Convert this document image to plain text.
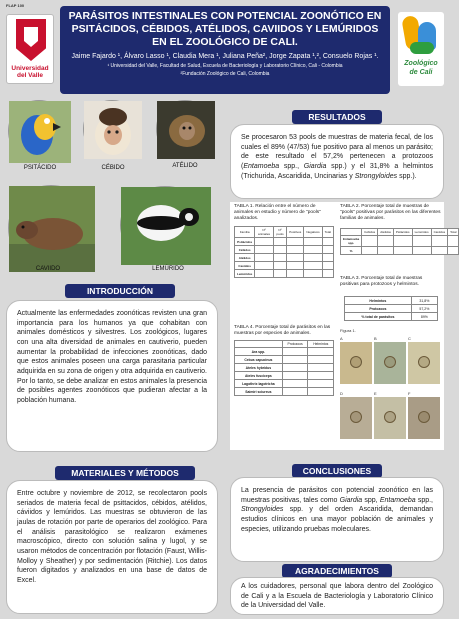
FLAP 100
Universidad del Valle
PARÁSITOS INTESTINALES CON POTENCIAL ZOONÓTICO EN PSITÁCIDOS, CÉBIDOS, ATÉLIDOS, CAVIIDOS Y LEMÚRIDOS EN EL ZOOLÓGICO DE CALI.
Jaime Fajardo ¹, Álvaro Lasso ¹, Claudia Mera ¹, Juliana Peña², Jorge Zapata ¹,², Consuelo Rojas ¹.
¹ Universidad del Valle, Facultad de Salud, Escuela de Bacteriología y Laboratorio Clínico, Cali - Colombia
²Fundación Zoológico de Cali, Colombia
Zoológico
de Cali
PSITÁCIDO	CÉBIDO	ATÉLIDO
CAVIIDO	LEMÚRIDO
INTRODUCCIÓN

Actualmente las enfermedades zoonóticas revisten una gran importancia para los humanos ya que cohabitan con animales domésticos y silvestres. Los zoológicos, lugares con una alta diversidad de animales en cautiverio, pueden aumentar la probabilidad de infecciones zoonóticas, dado que estos animales poseen una carga parasitaria particular adquirida en su zona de origen y otra adquirida en cautiverio. Por lo tanto, se debe analizar en estos animales la presencia de posibles agentes zoonóticos que pudieran afectar a la población humana.

MATERIALES Y MÉTODOS

Entre octubre y noviembre de 2012, se recolectaron pools seriados de materia fecal de psittacidos, cébidos, atélidos, cáviidos y lemúridos. Las muestras se obtuvieron de las jaulas de rotación por parte de operarios del zoológico. Para el análisis parasitológico se realizaron exámenes macroscópico, directo con solución salina y lugol, y se usaron métodos de concentración por flotación (Faust, Willis-Molloy y Sheather) y por sedimentación (Ritchie). Los datos fueron digitados y analizados en una base de datos de Excel.

RESULTADOS

Se procesaron 53 pools de muestras de materia fecal, de los cuales el 89% (47/53) fue positivo para al menos un parásito; de este resultado el 57,2% pertenecen a protozoos (Entamoeba spp., Giardia spp.) y el 31,8% a helmintos (Trichurida, Ascaridida, Uncinarias y Strongyloides spp.).

TABLA 1. Relación entre el número de animales en estudio y número de "pools" analizados.
Familia	Nº animales	Nº pools	Positivos	Negativos	Total
Psitácidos					
Cébidos					
Atélidos					
Caviidos					
Lemúridos					
TABLA 2. Porcentaje total de muestras de "pools" positivas por parásitos en las diferentes familias de animales.
	Cébidos	Atélidos	Psitácidos	Lemúridos	Caviidos	Total
Entamoeba spp.						
%						
TABLA 3. Porcentaje total de muestras positivas para protozoos y helmintos.
Helmintos	31,8%
Protozoos	57,2%
% total de parásitos	89%
TABLA 4. Porcentaje total de parásitos en las muestras por especies de animales.
	Protozoos	Helmintos
Ara spp.		
Cebus capucinus		
Ateles hybridus		
Ateles fusciceps		
Lagothrix lagotricha		
Saimiri sciureus		
Figura 1.
A	B	C
D	E	F
CONCLUSIONES

La presencia de parásitos con potencial zoonótico en las muestras positivas, tales como Giardia spp, Entamoeba spp., Strongyloides spp. y del orden Ascaridida, demandan estudios clínicos en una mayor población de animales y especies, utilizando pruebas moleculares.

AGRADECIMIENTOS

A los cuidadores, personal que labora dentro del Zoológico de Cali y a la Escuela de Bacteriología y Laboratorio Clínico de la Universidad del Valle.
